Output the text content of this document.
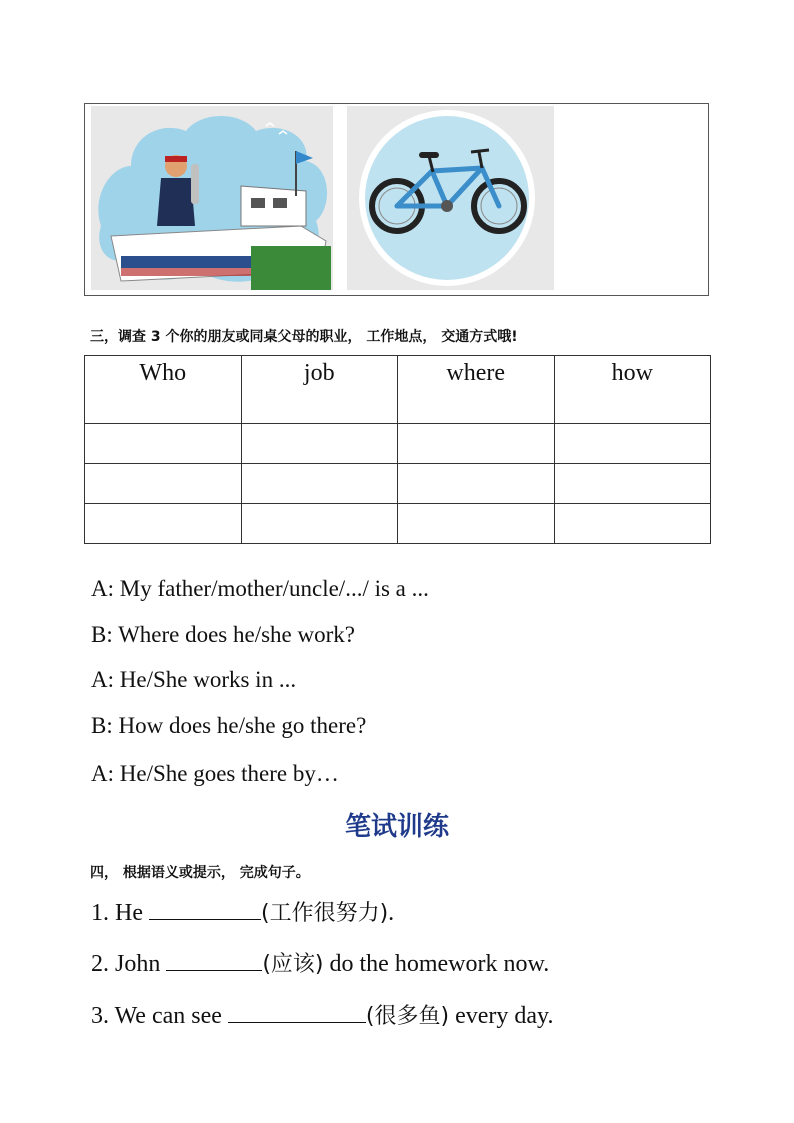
三，调查 3 个你的朋友或同桌父母的职业， 工作地点， 交通方式哦!
Who	job	where	how

A: My father/mother/uncle/.../ is a ...
B: Where does he/she work?
A: He/She works in ...
B: How does he/she go there?
A: He/She goes there by…
笔试训练
四， 根据语义或提示， 完成句子。
1. He	(工作很努力).
2. John	(应该) do the homework now.
3. We can see	(很多鱼) every day.
